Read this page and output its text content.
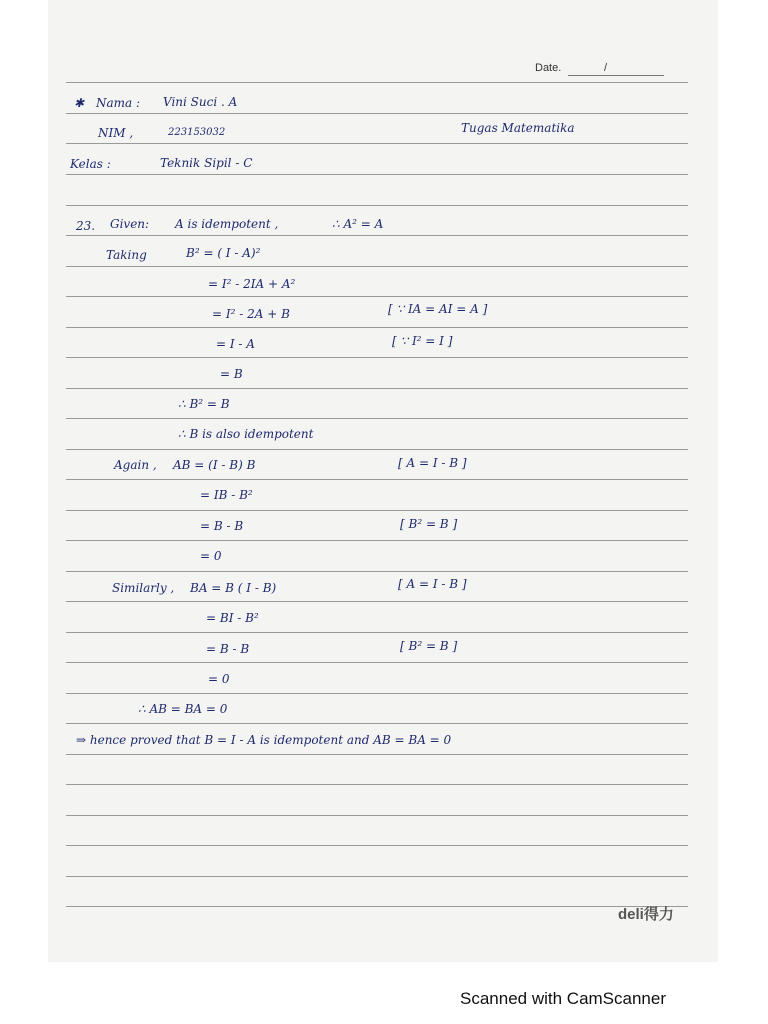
Date.	/
✱ Nama : Vini Suci . A
NIM ,	223153032	Tugas Matematika
Kelas :	Teknik Sipil - C
23. Given: A is idempotent ,	∴ A² = A
Taking	B² = ( I - A)²
= I² - 2IA + A²
= I² - 2A + B	[ ∵ IA = AI = A ]
= I - A	[ ∵ I² = I ]
= B
∴ B² = B
∴ B is also idempotent
Again , AB = (I - B) B	[ A = I - B ]
= IB - B²
= B - B	[ B² = B ]
= 0
Similarly , BA = B ( I - B)	[ A = I - B ]
= BI - B²
= B - B	[ B² = B ]
= 0
∴ AB = BA = 0
⇒ hence proved that B = I - A is idempotent and AB = BA = 0
deli得力
Scanned with CamScanner
